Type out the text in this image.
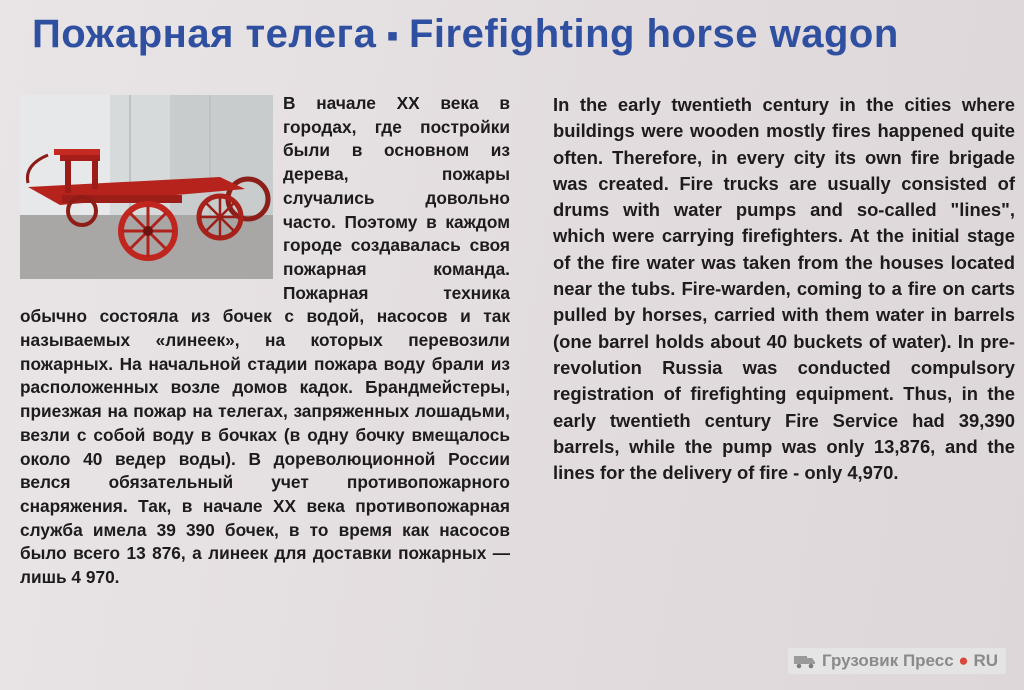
Пожарная телега ▪ Firefighting horse wagon

В начале XX века в городах, где постройки были в основном из дерева, пожары случались довольно часто. Поэтому в каждом городе создавалась своя пожарная команда. Пожарная техника обычно состояла из бочек с водой, насосов и так называемых «линеек», на которых перевозили пожарных. На начальной стадии пожара воду брали из расположенных возле домов кадок. Брандмейстеры, приезжая на пожар на телегах, запряженных лошадьми, везли с собой воду в бочках (в одну бочку вмещалось около 40 ведер воды). В дореволюционной России велся обязательный учет противопожарного снаряжения. Так, в начале XX века противопожарная служба имела 39 390 бочек, в то время как насосов было всего 13 876, а линеек для доставки пожарных — лишь 4 970.

In the early twentieth century in the cities where buildings were wooden mostly fires happened quite often. Therefore, in every city its own fire brigade was created. Fire trucks are usually consisted of drums with water pumps and so-called "lines", which were carrying firefighters. At the initial stage of the fire water was taken from the houses located near the tubs. Fire-warden, coming to a fire on carts pulled by horses, carried with them water in barrels (one barrel holds about 40 buckets of water). In pre-revolution Russia was conducted compulsory registration of firefighting equipment. Thus, in the early twentieth century Fire Service had 39,390 barrels, while the pump was only 13,876, and the lines for the delivery of fire - only 4,970.

Грузовик Пресс ● RU
